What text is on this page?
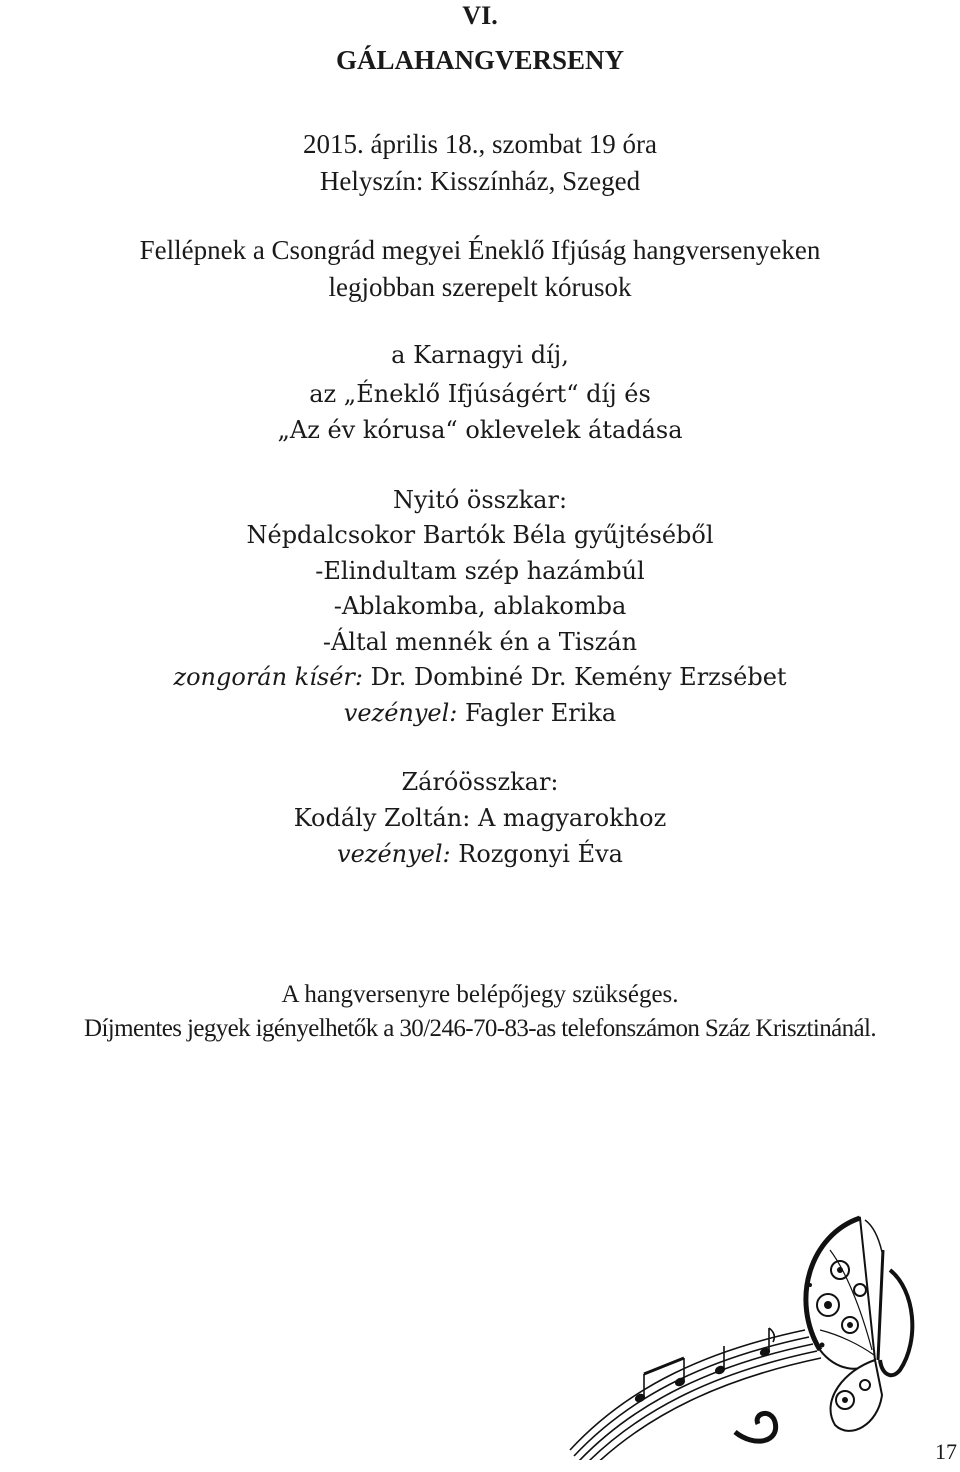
VI.
GÁLAHANGVERSENY
2015. április 18., szombat 19 óra
Helyszín: Kisszínház, Szeged
Fellépnek a Csongrád megyei Éneklő Ifjúság hangversenyeken
legjobban szerepelt kórusok
a Karnagyi díj,
az „Éneklő Ifjúságért“ díj és
„Az év kórusa“ oklevelek átadása
Nyitó összkar:
Népdalcsokor Bartók Béla gyűjtéséből
-Elindultam szép hazámbúl
-Ablakomba, ablakomba
-Által mennék én a Tiszán
zongorán kísér: Dr. Dombiné Dr. Kemény Erzsébet
vezényel: Fagler Erika
Záróösszkar:
Kodály Zoltán: A magyarokhoz
vezényel: Rozgonyi Éva
A hangversenyre belépőjegy szükséges.
Díjmentes jegyek igényelhetők a 30/246-70-83-as telefonszámon Száz Krisztinánál.
17
